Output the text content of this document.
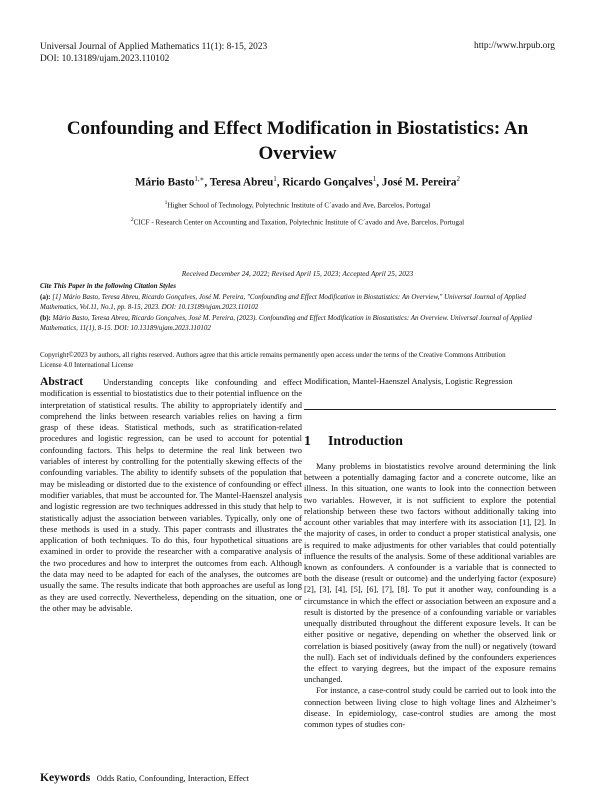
Universal Journal of Applied Mathematics 11(1): 8-15, 2023
DOI: 10.13189/ujam.2023.110102
http://www.hrpub.org
Confounding and Effect Modification in Biostatistics: An Overview
Mário Basto$^{1,∗}$, Teresa Abreu$^1$, Ricardo Gonçalves$^1$, José M. Pereira$^2$
$^1$Higher School of Technology, Polytechnic Institute of C´avado and Ave, Barcelos, Portugal
$^2$CICF - Research Center on Accounting and Taxation, Polytechnic Institute of C´avado and Ave, Barcelos, Portugal
Received December 24, 2022; Revised April 15, 2023; Accepted April 25, 2023
Cite This Paper in the following Citation Styles
(a): [1] Mário Basto, Teresa Abreu, Ricardo Gonçalves, José M. Pereira, "Confounding and Effect Modification in Biostatistics: An Overview," Universal Journal of Applied Mathematics, Vol.11, No.1, pp. 8-15, 2023. DOI: 10.13189/ujam.2023.110102
(b): Mário Basto, Teresa Abreu, Ricardo Gonçalves, José M. Pereira, (2023). Confounding and Effect Modification in Biostatistics: An Overview. Universal Journal of Applied Mathematics, 11(1), 8-15. DOI: 10.13189/ujam.2023.110102
Copyright©2023 by authors, all rights reserved. Authors agree that this article remains permanently open access under the terms of the Creative Commons Attribution License 4.0 International License
Abstract Understanding concepts like confounding and effect modification is essential to biostatistics due to their potential influence on the interpretation of statistical results. The ability to appropriately identify and comprehend the links between research variables relies on having a firm grasp of these ideas. Statistical methods, such as stratification-related procedures and logistic regression, can be used to account for potential confounding factors. This helps to determine the real link between two variables of interest by controlling for the potentially skewing effects of the confounding variables. The ability to identify subsets of the population that may be misleading or distorted due to the existence of confounding or effect modifier variables, that must be accounted for. The Mantel-Haenszel analysis and logistic regression are two techniques addressed in this study that help to statistically adjust the association between variables. Typically, only one of these methods is used in a study. This paper contrasts and illustrates the application of both techniques. To do this, four hypothetical situations are examined in order to provide the researcher with a comparative analysis of the two procedures and how to interpret the outcomes from each. Although the data may need to be adapted for each of the analyses, the outcomes are usually the same. The results indicate that both approaches are useful as long as they are used correctly. Nevertheless, depending on the situation, one or the other may be advisable.
Keywords Odds Ratio, Confounding, Interaction, Effect
Modification, Mantel-Haenszel Analysis, Logistic Regression
1 Introduction

Many problems in biostatistics revolve around determining the link between a potentially damaging factor and a concrete outcome, like an illness. In this situation, one wants to look into the connection between two variables. However, it is not sufficient to explore the potential relationship between these two factors without additionally taking into account other variables that may interfere with its association [1], [2]. In the majority of cases, in order to conduct a proper statistical analysis, one is required to make adjustments for other variables that could potentially influence the results of the analysis. Some of these additional variables are known as confounders. A confounder is a variable that is connected to both the disease (result or outcome) and the underlying factor (exposure) [2], [3], [4], [5], [6], [7], [8]. To put it another way, confounding is a circumstance in which the effect or association between an exposure and a result is distorted by the presence of a confounding variable or variables unequally distributed throughout the different exposure levels. It can be either positive or negative, depending on whether the observed link or correlation is biased positively (away from the null) or negatively (toward the null). Each set of individuals defined by the confounders experiences the effect to varying degrees, but the impact of the exposure remains unchanged.

For instance, a case-control study could be carried out to look into the connection between living close to high voltage lines and Alzheimer’s disease. In epidemiology, case-control studies are among the most common types of studies con-
